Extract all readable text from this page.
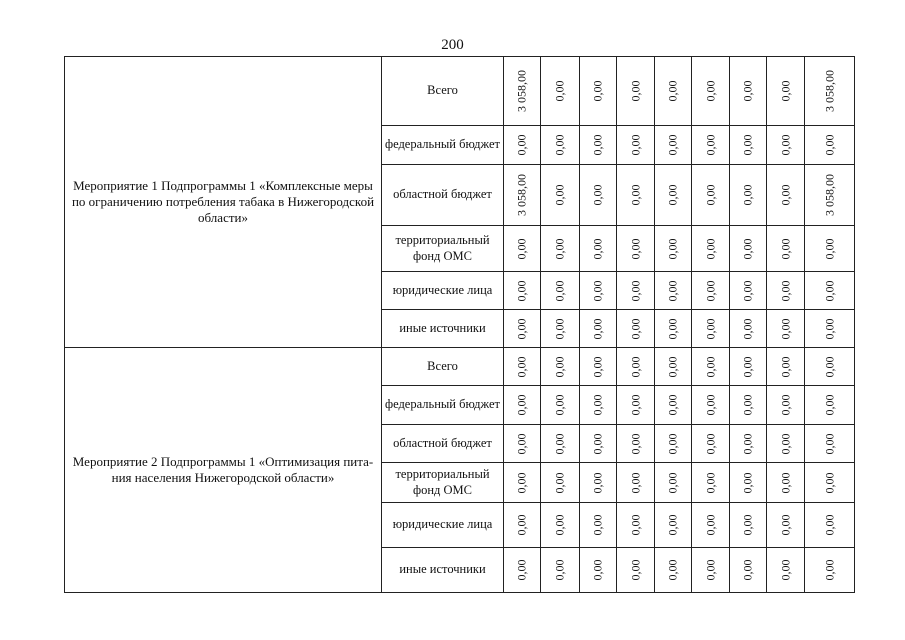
200
Мероприятие 1 Подпрограммы 1 «Комплексные меры по ограничению потребления табака в Нижегородской области»	Всего	3 058,00	0,00	0,00	0,00	0,00	0,00	0,00	0,00	3 058,00

	федеральный бюджет	0,00	0,00	0,00	0,00	0,00	0,00	0,00	0,00	0,00

	областной бюджет	3 058,00	0,00	0,00	0,00	0,00	0,00	0,00	0,00	3 058,00

	территориальный фонд ОМС	0,00	0,00	0,00	0,00	0,00	0,00	0,00	0,00	0,00

	юридические лица	0,00	0,00	0,00	0,00	0,00	0,00	0,00	0,00	0,00

	иные источники	0,00	0,00	0,00	0,00	0,00	0,00	0,00	0,00	0,00

Мероприятие 2 Подпрограммы 1 «Оптимизация пита-ния населения Нижегородской области»	Всего	0,00	0,00	0,00	0,00	0,00	0,00	0,00	0,00	0,00

	федеральный бюджет	0,00	0,00	0,00	0,00	0,00	0,00	0,00	0,00	0,00

	областной бюджет	0,00	0,00	0,00	0,00	0,00	0,00	0,00	0,00	0,00

	территориальный фонд ОМС	0,00	0,00	0,00	0,00	0,00	0,00	0,00	0,00	0,00

	юридические лица	0,00	0,00	0,00	0,00	0,00	0,00	0,00	0,00	0,00

	иные источники	0,00	0,00	0,00	0,00	0,00	0,00	0,00	0,00	0,00
